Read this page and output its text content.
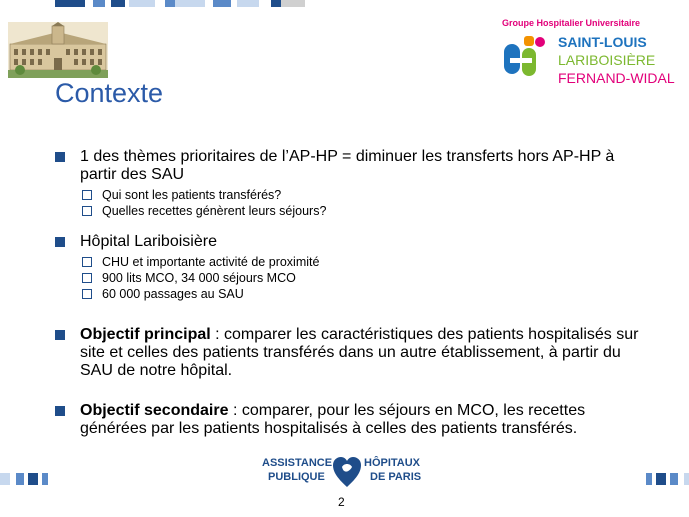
Groupe Hospitalier Universitaire
SAINT-LOUIS
LARIBOISIÈRE
FERNAND-WIDAL
Contexte
1 des thèmes prioritaires de l’AP-HP = diminuer les transferts hors AP-HP à partir des SAU
Qui sont les patients transférés?
Quelles recettes génèrent leurs séjours?
Hôpital Lariboisière
CHU et importante activité de proximité
900 lits MCO, 34 000 séjours MCO
60 000 passages au SAU
Objectif principal : comparer les caractéristiques des patients hospitalisés sur site et celles des patients transférés dans un autre établissement, à partir du SAU de notre hôpital.
Objectif secondaire : comparer, pour les séjours en MCO, les recettes générées par les patients hospitalisés à celles des patients transférés.
ASSISTANCE
PUBLIQUE
HÔPITAUX
DE PARIS
2
